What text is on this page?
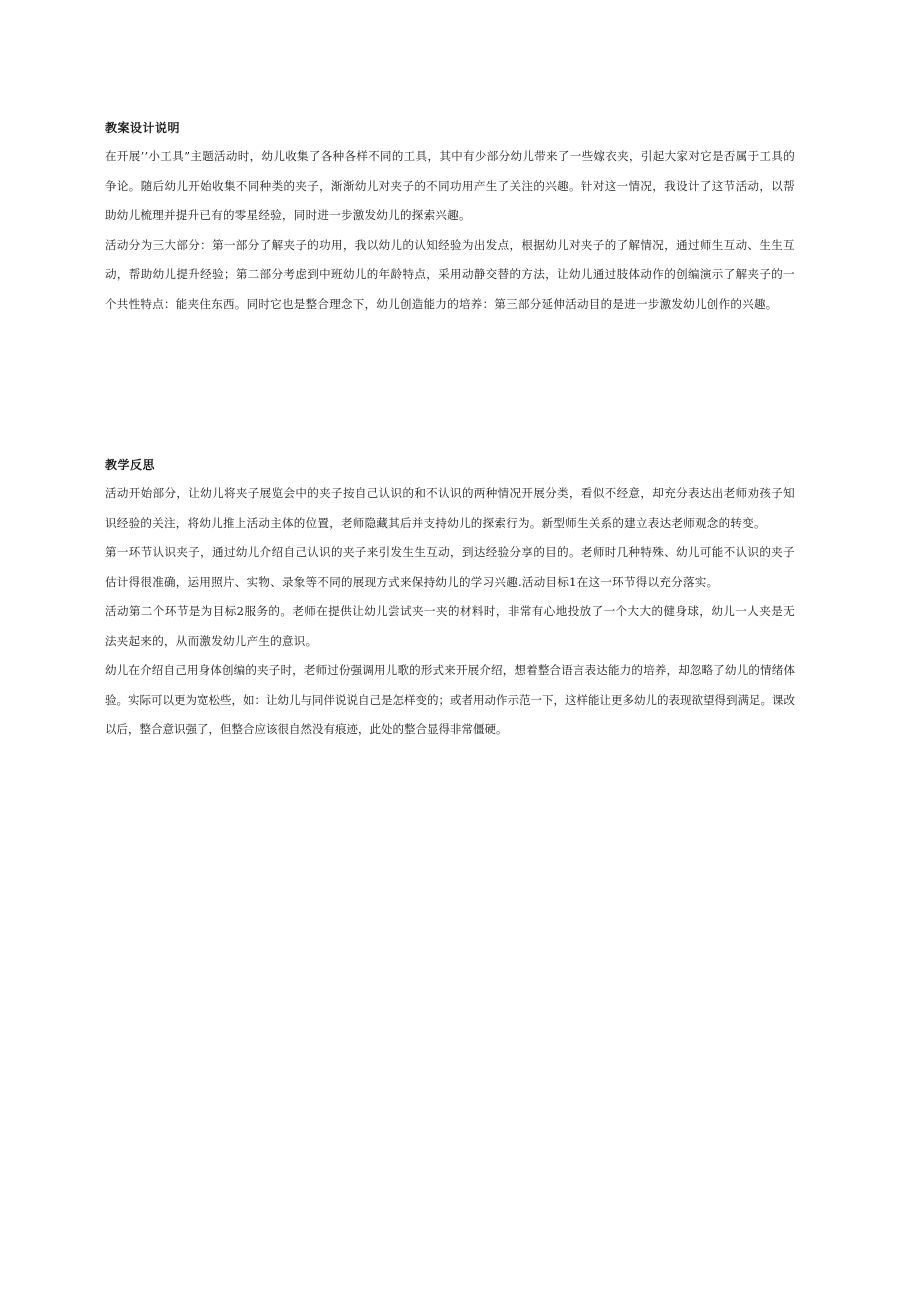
教案设计说明

在开展’’小工具”主题活动时，幼儿收集了各种各样不同的工具，其中有少部分幼儿带来了一些嫁衣夹，引起大家对它是否属于工具的争论。随后幼儿开始收集不同种类的夹子，渐渐幼儿对夹子的不同功用产生了关注的兴趣。针对这一情况，我设计了这节活动，以帮助幼儿梳理并提升已有的零星经验，同时进一步激发幼儿的探索兴趣。

活动分为三大部分：第一部分了解夹子的功用，我以幼儿的认知经验为出发点，根据幼儿对夹子的了解情况，通过师生互动、生生互动，帮助幼儿提升经验；第二部分考虑到中班幼儿的年龄特点，采用动静交替的方法，让幼儿通过肢体动作的创编演示了解夹子的一个共性特点：能夹住东西。同时它也是整合理念下，幼儿创造能力的培养：第三部分延伸活动目的是进一步激发幼儿创作的兴趣。

教学反思

活动开始部分，让幼儿将夹子展览会中的夹子按自己认识的和不认识的两种情况开展分类，看似不经意，却充分表达出老师劝孩子知识经验的关注，将幼儿推上活动主体的位置，老师隐藏其后并支持幼儿的探索行为。新型师生关系的建立表达老师观念的转变。

第一环节认识夹子，通过幼儿介绍自己认识的夹子来引发生生互动，到达经验分享的目的。老师时几种特殊、幼儿可能不认识的夹子估计得很准确，运用照片、实物、录象等不同的展现方式来保持幼儿的学习兴趣.活动目标1在这一环节得以充分落实。

活动第二个环节是为目标2服务的。老师在提供让幼儿尝试夹一夹的材料时，非常有心地投放了一个大大的健身球，幼儿一人夹是无法夹起来的，从而激发幼儿产生的意识。

幼儿在介绍自己用身体创编的夹子时，老师过份强调用儿歌的形式来开展介绍，想着整合语言表达能力的培养，却忽略了幼儿的情绪体验。实际可以更为宽松些，如：让幼儿与同伴说说自己是怎样变的；或者用动作示范一下，这样能让更多幼儿的表现欲望得到满足。课改以后，整合意识强了，但整合应该很自然没有痕迹，此处的整合显得非常僵硬。
